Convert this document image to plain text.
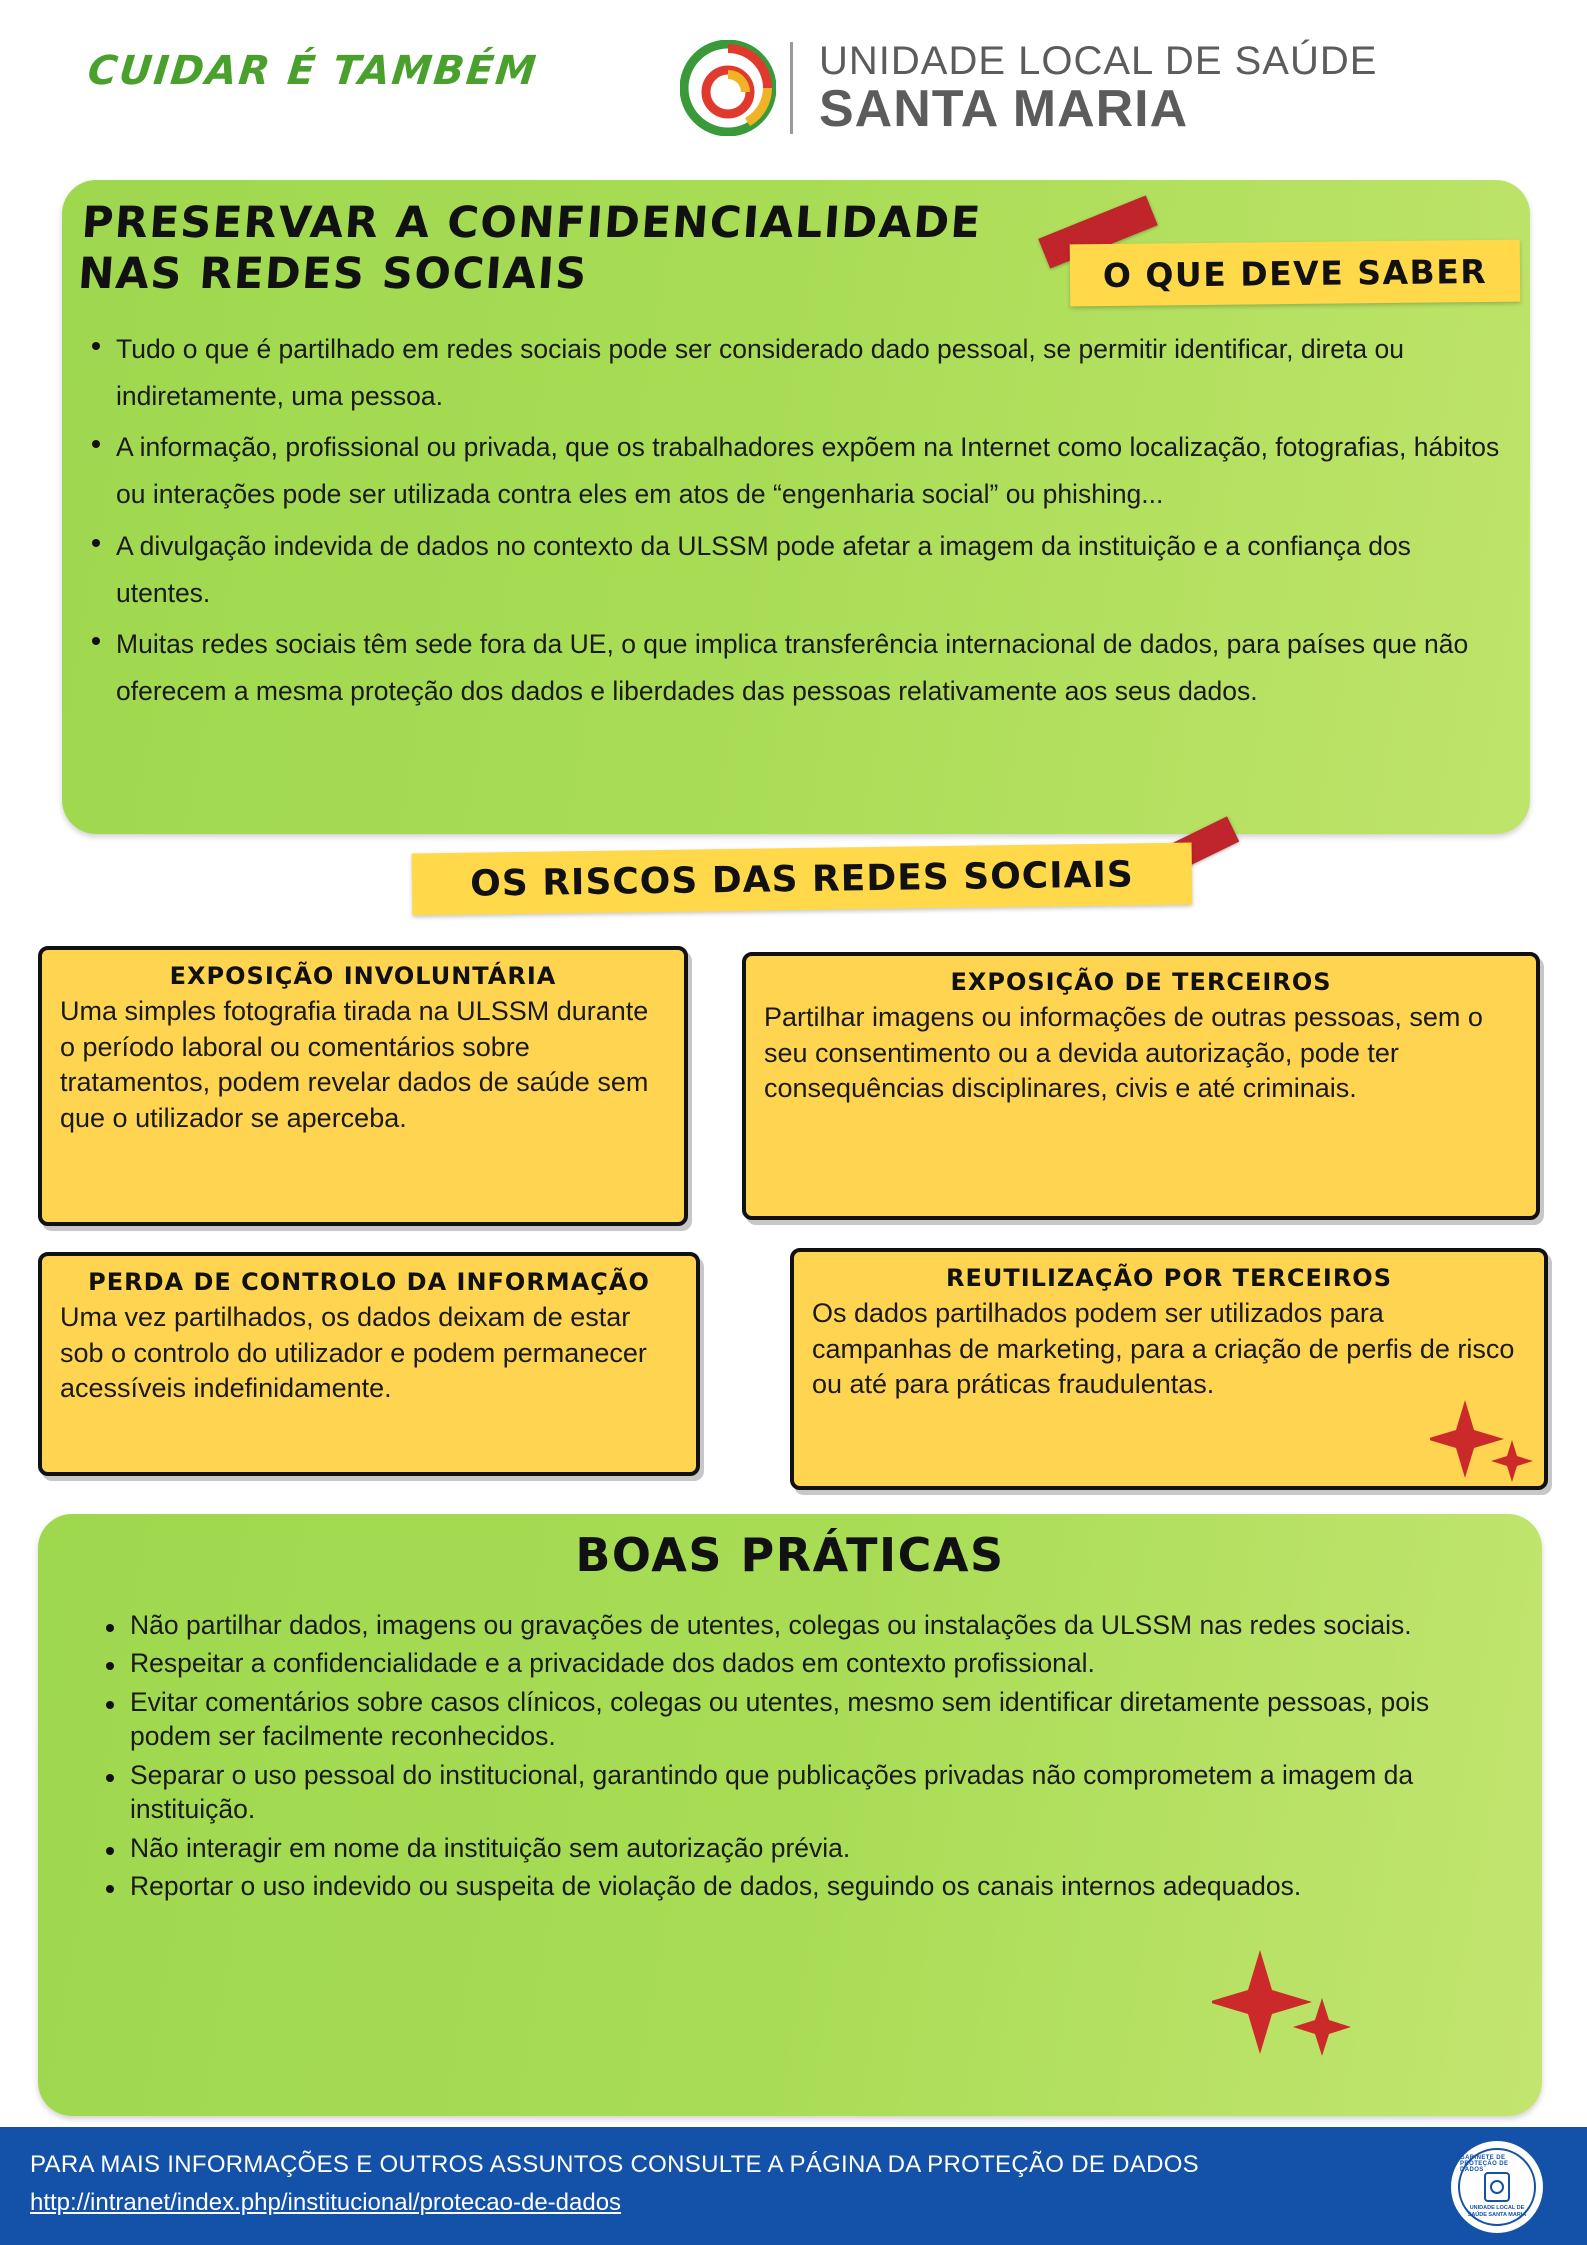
CUIDAR É TAMBÉM	UNIDADE LOCAL DE SAÚDE
SANTA MARIA
PRESERVAR A CONFIDENCIALIDADE NAS REDES SOCIAIS	O QUE DEVE SABER
Tudo o que é partilhado em redes sociais pode ser considerado dado pessoal, se permitir identificar, direta ou indiretamente, uma pessoa.
A informação, profissional ou privada, que os trabalhadores expõem na Internet como localização, fotografias, hábitos ou interações pode ser utilizada contra eles em atos de “engenharia social” ou phishing...
A divulgação indevida de dados no contexto da ULSSM pode afetar a imagem da instituição e a confiança dos utentes.
Muitas redes sociais têm sede fora da UE, o que implica transferência internacional de dados, para países que não oferecem a mesma proteção dos dados e liberdades das pessoas relativamente aos seus dados.
OS RISCOS DAS REDES SOCIAIS
EXPOSIÇÃO INVOLUNTÁRIA
Uma simples fotografia tirada na ULSSM durante o período laboral ou comentários sobre tratamentos, podem revelar dados de saúde sem que o utilizador se aperceba.
EXPOSIÇÃO DE TERCEIROS
Partilhar imagens ou informações de outras pessoas, sem o seu consentimento ou a devida autorização, pode ter consequências disciplinares, civis e até criminais.
PERDA DE CONTROLO DA INFORMAÇÃO
Uma vez partilhados, os dados deixam de estar sob o controlo do utilizador e podem permanecer acessíveis indefinidamente.
REUTILIZAÇÃO POR TERCEIROS
Os dados partilhados podem ser utilizados para campanhas de marketing, para a criação de perfis de risco ou até para práticas fraudulentas.
BOAS PRÁTICAS
Não partilhar dados, imagens ou gravações de utentes, colegas ou instalações da ULSSM nas redes sociais.
Respeitar a confidencialidade e a privacidade dos dados em contexto profissional.
Evitar comentários sobre casos clínicos, colegas ou utentes, mesmo sem identificar diretamente pessoas, pois podem ser facilmente reconhecidos.
Separar o uso pessoal do institucional, garantindo que publicações privadas não comprometem a imagem da instituição.
Não interagir em nome da instituição sem autorização prévia.
Reportar o uso indevido ou suspeita de violação de dados, seguindo os canais internos adequados.
PARA MAIS INFORMAÇÕES E OUTROS ASSUNTOS CONSULTE A PÁGINA DA PROTEÇÃO DE DADOS
http://intranet/index.php/institucional/protecao-de-dados
GABINETE DE PROTEÇÃO DE DADOS
UNIDADE LOCAL DE SAÚDE SANTA MARIA
